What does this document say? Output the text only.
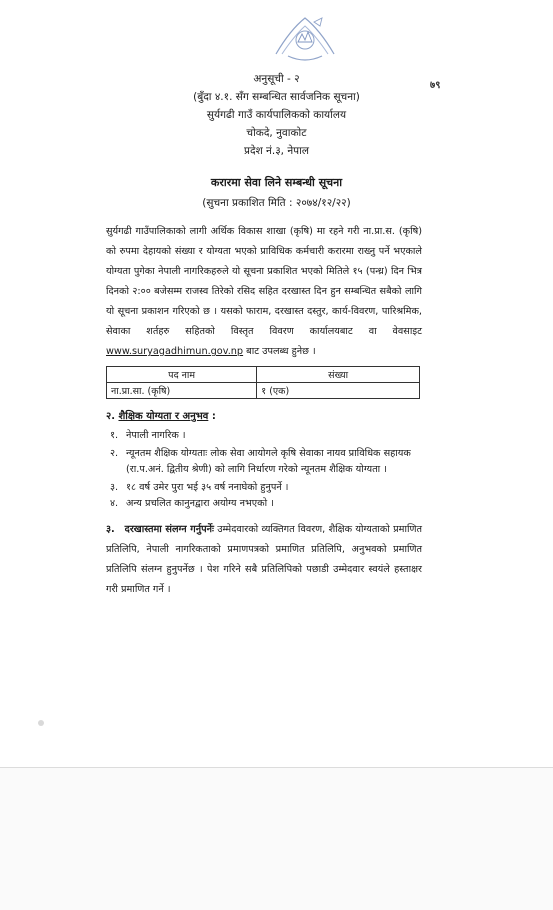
७९
अनुसूची - २
(बुँदा ४.१. सँग सम्बन्धित सार्वजनिक सूचना)
सुर्यगढी गाउँ कार्यपालिकको कार्यालय
चोकदे, नुवाकोट
प्रदेश नं.३, नेपाल
करारमा सेवा लिने सम्बन्धी सूचना
(सुचना प्रकाशित मिति : २०७४/१२/२२)
सुर्यगढी गाउँपालिकाको लागी अर्थिक विकास शाखा (कृषि) मा रहने गरी ना.प्रा.स. (कृषि) को रुपमा देहायको संख्या र योग्यता भएको प्राविधिक कर्मचारी करारमा राख्नु पर्ने भएकाले योग्यता पुगेका नेपाली नागरिकहरुले यो सूचना प्रकाशित भएको मितिले १५ (पन्ध्र) दिन भित्र दिनको २:०० बजेसम्म राजस्व तिरेको रसिद सहित दरखास्त दिन हुन सम्बन्धित सबैको लागि यो सूचना प्रकाशन गरिएको छ । यसको फाराम, दरखास्त दस्तुर, कार्य-विवरण, पारिश्रमिक, सेवाका शर्तहरु सहितको विस्तृत विवरण कार्यालयबाट वा वेवसाइट www.suryagadhimun.gov.np बाट उपलब्ध हुनेछ ।
पद नाम	संख्या
ना.प्रा.सा. (कृषि)	१ (एक)
२. शैक्षिक योग्यता र अनुभव :
१. नेपाली नागरिक ।
२. न्यूनतम शैक्षिक योग्यताः लोक सेवा आयोगले कृषि सेवाका नायव प्राविधिक सहायक
(रा.प.अनं. द्वितीय श्रेणी) को लागि निर्धारण गरेको न्यूनतम शैक्षिक योग्यता ।
३. १८ वर्ष उमेर पुरा भई ३५ वर्ष ननाघेको हुनुपर्ने ।
४. अन्य प्रचलित कानुनद्वारा अयोग्य नभएको ।
३. दरखास्तमा संलग्न गर्नुपर्नेः उम्मेदवारको व्यक्तिगत विवरण, शैक्षिक योग्यताको प्रमाणित प्रतिलिपि, नेपाली नागरिकताको प्रमाणपत्रको प्रमाणित प्रतिलिपि, अनुभवको प्रमाणित प्रतिलिपि संलग्न हुनुपर्नेछ । पेश गरिने सबै प्रतिलिपिको पछाडी उम्मेदवार स्वयंले हस्ताक्षर गरी प्रमाणित गर्ने ।
